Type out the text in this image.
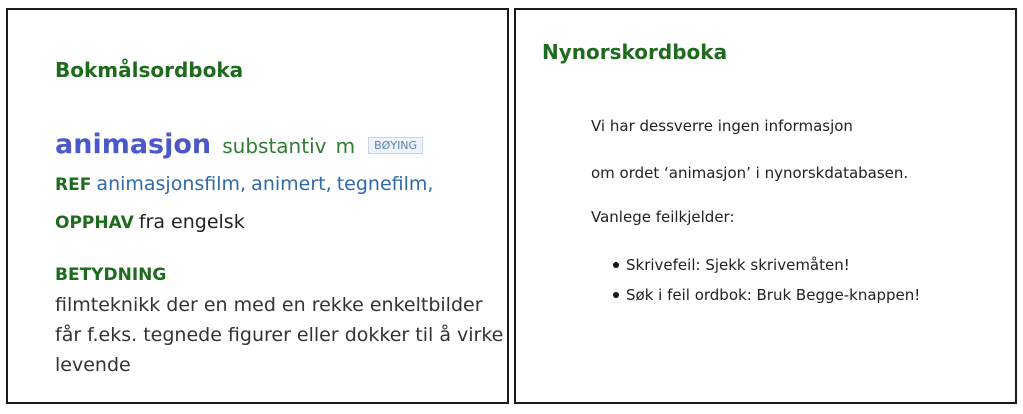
Bokmålsordboka
animasjon substantiv m BØYING
REF animasjonsfilm, animert, tegnefilm,
OPPHAV fra engelsk
BETYDNING
filmteknikk der en med en rekke enkeltbilder får f.eks. tegnede figurer eller dokker til å virke levende
Nynorskordboka
Vi har dessverre ingen informasjon
om ordet ‘animasjon’ i nynorskdatabasen.
Vanlege feilkjelder:
Skrivefeil: Sjekk skrivemåten!
Søk i feil ordbok: Bruk Begge-knappen!
